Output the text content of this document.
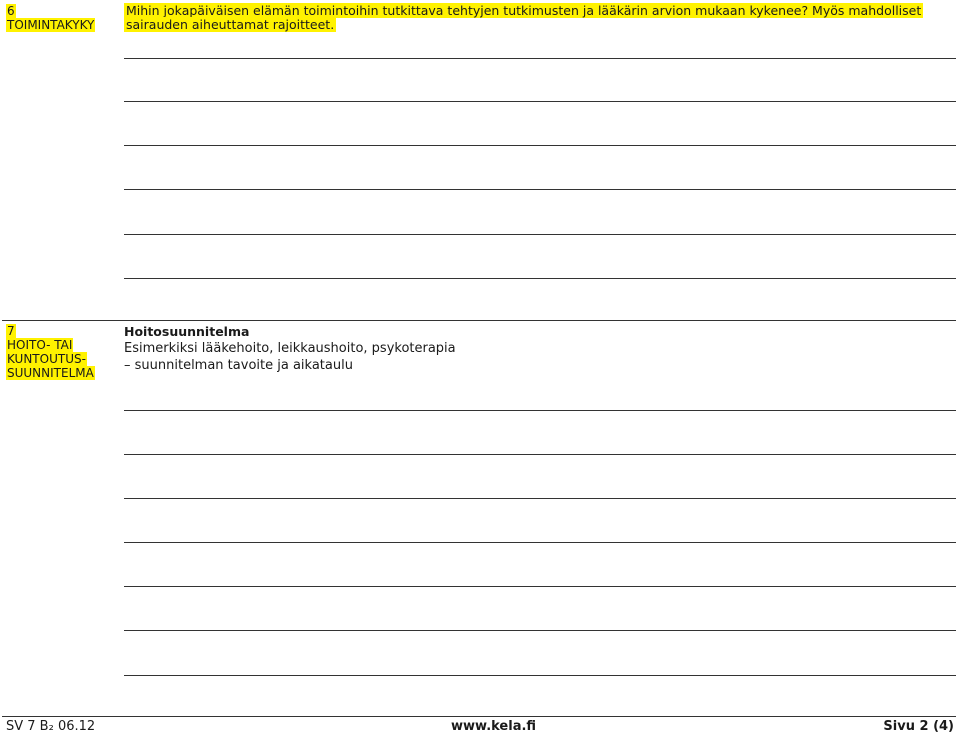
6
TOIMINTAKYKY
Mihin jokapäiväisen elämän toimintoihin tutkittava tehtyjen tutkimusten ja lääkärin arvion mukaan kykenee? Myös mahdolliset sairauden aiheuttamat rajoitteet.
7
HOITO- TAI
KUNTOUTUS-
SUUNNITELMA
Hoitosuunnitelma
Esimerkiksi lääkehoito, leikkaushoito, psykoterapia
– suunnitelman tavoite ja aikataulu
SV 7 B₂ 06.12	www.kela.fi	Sivu 2 (4)
